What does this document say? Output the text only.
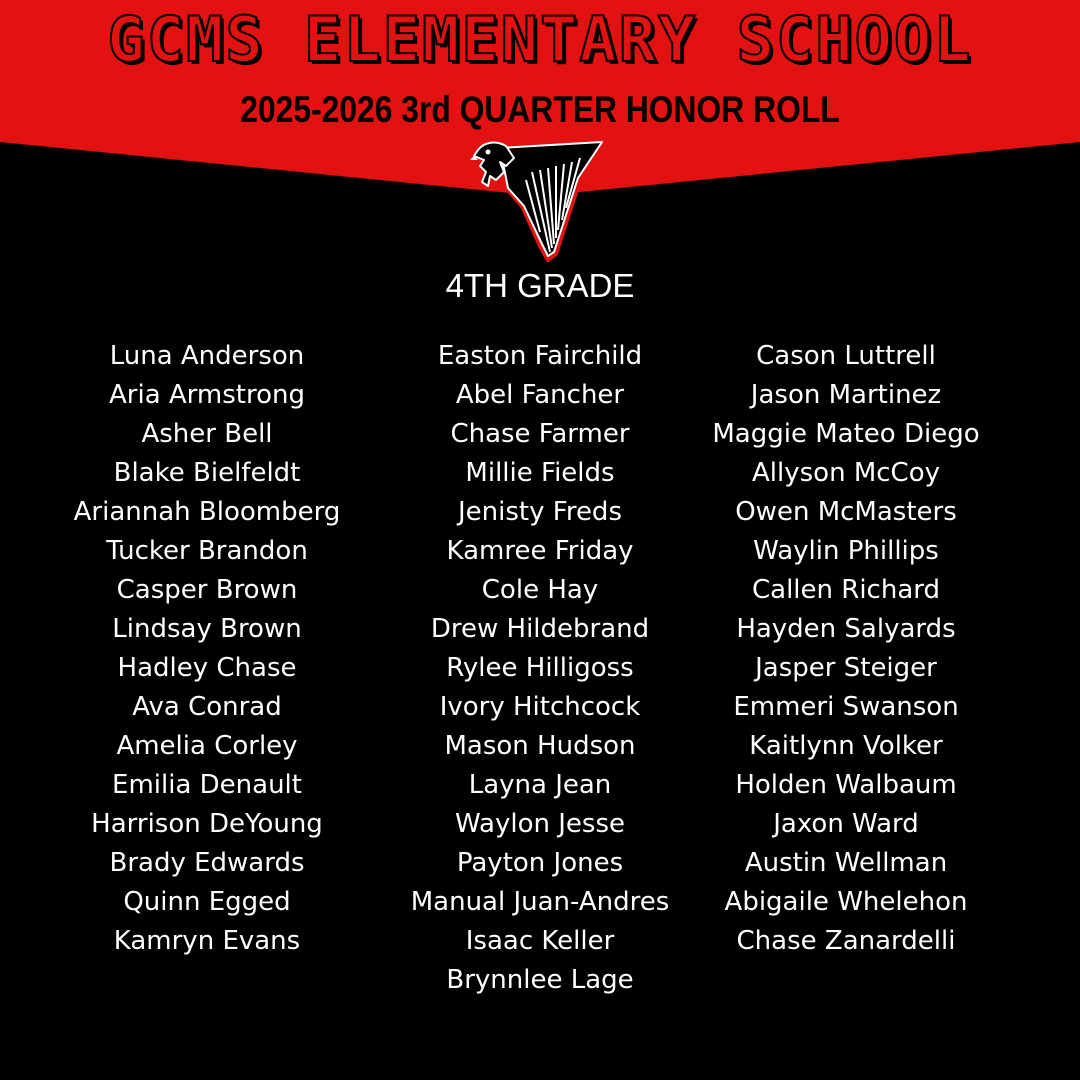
GCMS ELEMENTARY SCHOOL
2025-2026 3rd QUARTER HONOR ROLL
4TH GRADE
Luna Anderson
Aria Armstrong
Asher Bell
Blake Bielfeldt
Ariannah Bloomberg
Tucker Brandon
Casper Brown
Lindsay Brown
Hadley Chase
Ava Conrad
Amelia Corley
Emilia Denault
Harrison DeYoung
Brady Edwards
Quinn Egged
Kamryn Evans
Easton Fairchild
Abel Fancher
Chase Farmer
Millie Fields
Jenisty Freds
Kamree Friday
Cole Hay
Drew Hildebrand
Rylee Hilligoss
Ivory Hitchcock
Mason Hudson
Layna Jean
Waylon Jesse
Payton Jones
Manual Juan-Andres
Isaac Keller
Brynnlee Lage
Cason Luttrell
Jason Martinez
Maggie Mateo Diego
Allyson McCoy
Owen McMasters
Waylin Phillips
Callen Richard
Hayden Salyards
Jasper Steiger
Emmeri Swanson
Kaitlynn Volker
Holden Walbaum
Jaxon Ward
Austin Wellman
Abigaile Whelehon
Chase Zanardelli
